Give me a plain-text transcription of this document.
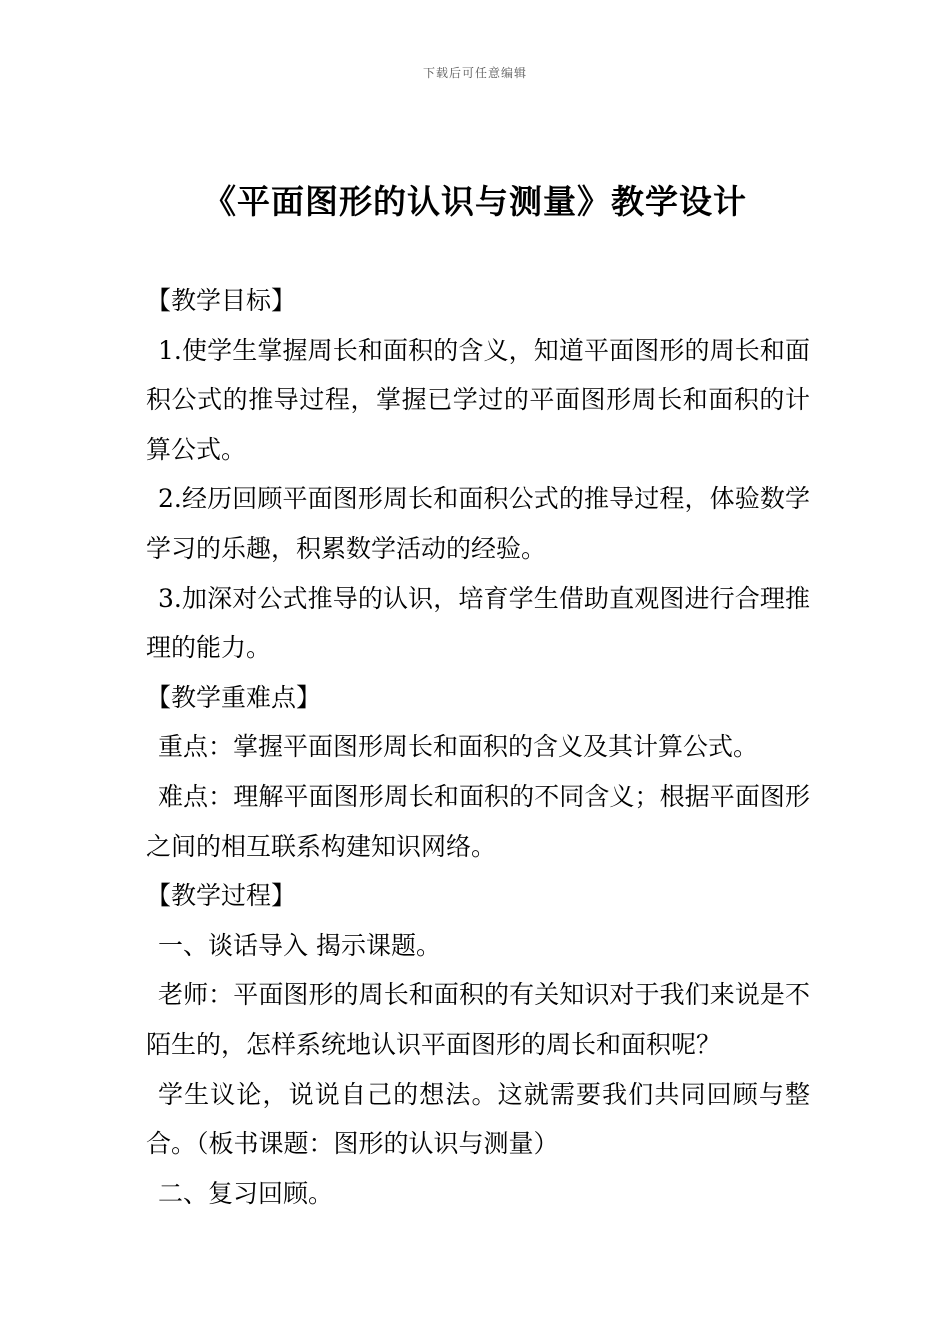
下载后可任意编辑
《平面图形的认识与测量》教学设计

【教学目标】

1.使学生掌握周长和面积的含义，知道平面图形的周长和面积公式的推导过程，掌握已学过的平面图形周长和面积的计算公式。

2.经历回顾平面图形周长和面积公式的推导过程，体验数学学习的乐趣，积累数学活动的经验。

3.加深对公式推导的认识，培育学生借助直观图进行合理推理的能力。

【教学重难点】

重点：掌握平面图形周长和面积的含义及其计算公式。

难点：理解平面图形周长和面积的不同含义；根据平面图形之间的相互联系构建知识网络。

【教学过程】

一、谈话导入 揭示课题。

老师：平面图形的周长和面积的有关知识对于我们来说是不陌生的，怎样系统地认识平面图形的周长和面积呢？

学生议论，说说自己的想法。这就需要我们共同回顾与整合。（板书课题：图形的认识与测量）

二、复习回顾。
